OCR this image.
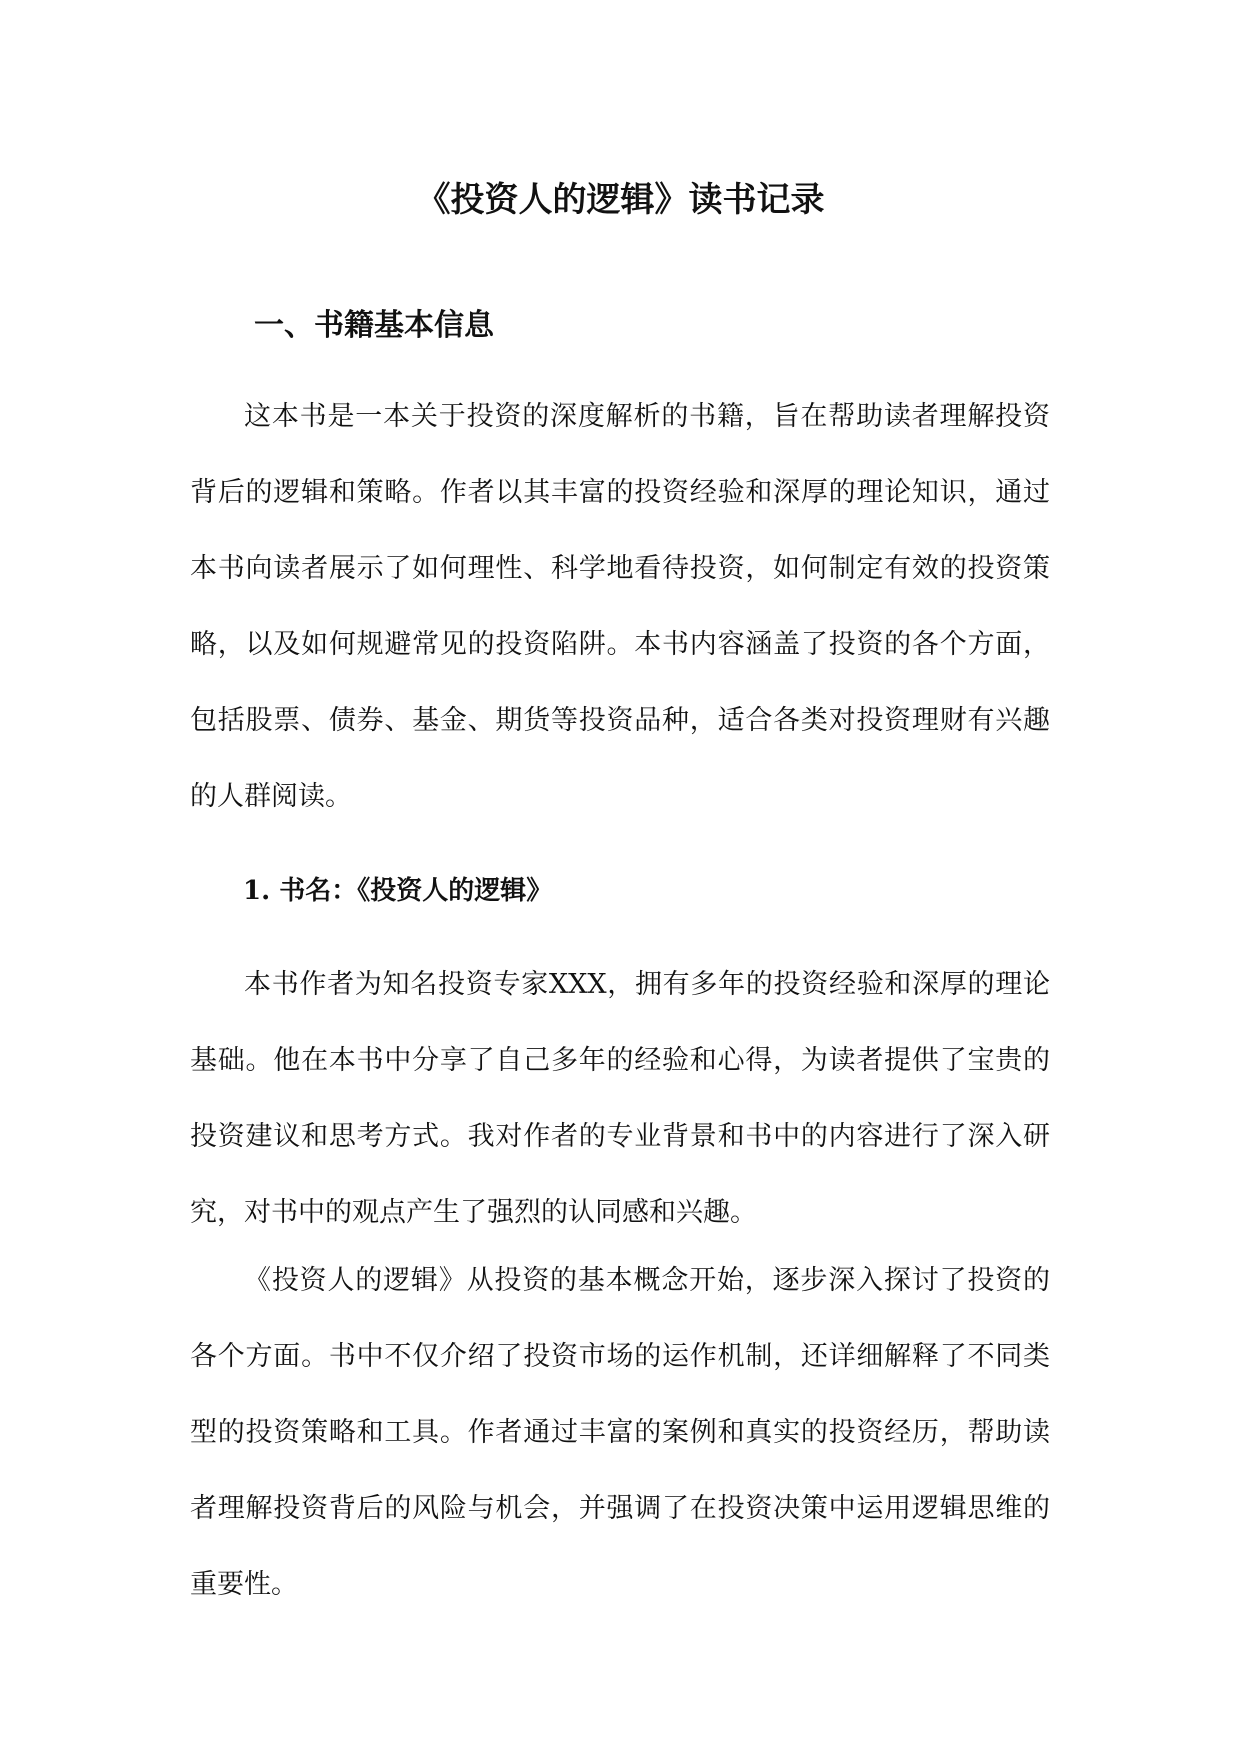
《投资人的逻辑》读书记录
一、书籍基本信息

这本书是一本关于投资的深度解析的书籍，旨在帮助读者理解投资背后的逻辑和策略。作者以其丰富的投资经验和深厚的理论知识，通过本书向读者展示了如何理性、科学地看待投资，如何制定有效的投资策略，以及如何规避常见的投资陷阱。本书内容涵盖了投资的各个方面，包括股票、债券、基金、期货等投资品种，适合各类对投资理财有兴趣的人群阅读。

1. 书名：《投资人的逻辑》

本书作者为知名投资专家XXX，拥有多年的投资经验和深厚的理论基础。他在本书中分享了自己多年的经验和心得，为读者提供了宝贵的投资建议和思考方式。我对作者的专业背景和书中的内容进行了深入研究，对书中的观点产生了强烈的认同感和兴趣。

《投资人的逻辑》从投资的基本概念开始，逐步深入探讨了投资的各个方面。书中不仅介绍了投资市场的运作机制，还详细解释了不同类型的投资策略和工具。作者通过丰富的案例和真实的投资经历，帮助读者理解投资背后的风险与机会，并强调了在投资决策中运用逻辑思维的重要性。
